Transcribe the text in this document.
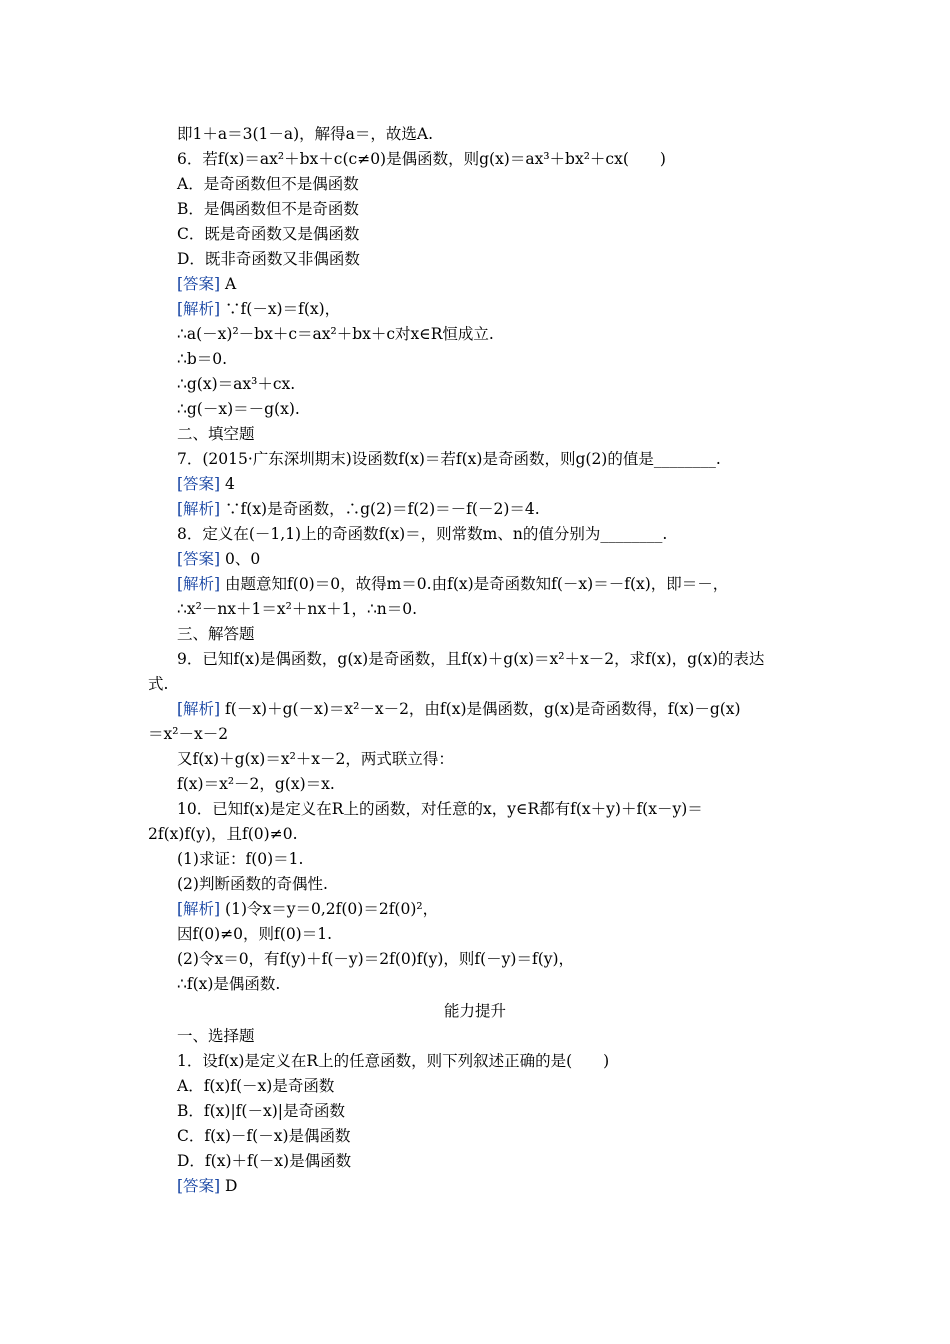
即1＋a＝3(1－a)，解得a＝，故选A.
6．若f(x)＝ax²＋bx＋c(c≠0)是偶函数，则g(x)＝ax³＋bx²＋cx(　　)
A．是奇函数但不是偶函数
B．是偶函数但不是奇函数
C．既是奇函数又是偶函数
D．既非奇函数又非偶函数
[答案] A
[解析] ∵f(－x)＝f(x)，
∴a(－x)²－bx＋c＝ax²＋bx＋c对x∈R恒成立.
∴b＝0.
∴g(x)＝ax³＋cx.
∴g(－x)＝－g(x).
二、填空题
7．(2015·广东深圳期末)设函数f(x)＝若f(x)是奇函数，则g(2)的值是________.
[答案] 4
[解析] ∵f(x)是奇函数，∴g(2)＝f(2)＝－f(－2)＝4.
8．定义在(－1,1)上的奇函数f(x)＝，则常数m、n的值分别为________.
[答案] 0、0
[解析] 由题意知f(0)＝0，故得m＝0.由f(x)是奇函数知f(－x)＝－f(x)，即＝－，
∴x²－nx＋1＝x²＋nx＋1，∴n＝0.
三、解答题
9．已知f(x)是偶函数，g(x)是奇函数，且f(x)＋g(x)＝x²＋x－2，求f(x)，g(x)的表达
式.
[解析] f(－x)＋g(－x)＝x²－x－2，由f(x)是偶函数，g(x)是奇函数得，f(x)－g(x)
＝x²－x－2
又f(x)＋g(x)＝x²＋x－2，两式联立得：
f(x)＝x²－2，g(x)＝x.
10．已知f(x)是定义在R上的函数，对任意的x，y∈R都有f(x＋y)＋f(x－y)＝
2f(x)f(y)，且f(0)≠0.
(1)求证：f(0)＝1.
(2)判断函数的奇偶性.
[解析] (1)令x＝y＝0,2f(0)＝2f(0)²，
因f(0)≠0，则f(0)＝1.
(2)令x＝0，有f(y)＋f(－y)＝2f(0)f(y)，则f(－y)＝f(y)，
∴f(x)是偶函数.
能力提升
一、选择题
1．设f(x)是定义在R上的任意函数，则下列叙述正确的是(　　)
A．f(x)f(－x)是奇函数
B．f(x)|f(－x)|是奇函数
C．f(x)－f(－x)是偶函数
D．f(x)＋f(－x)是偶函数
[答案] D
